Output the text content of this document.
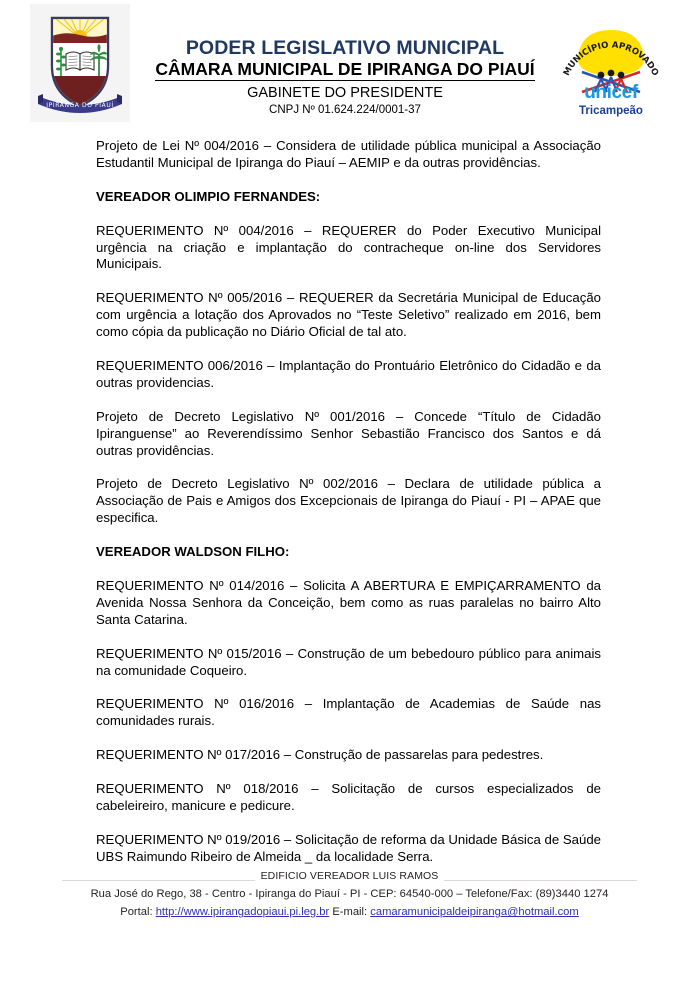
IPIRANGA DO PIAUÍ
PODER LEGISLATIVO MUNICIPAL
CÂMARA MUNICIPAL DE IPIRANGA DO PIAUÍ
GABINETE DO PRESIDENTE
CNPJ Nº 01.624.224/0001-37
MUNICÍPIO APROVADO
unicef
Tricampeão

Projeto de Lei Nº 004/2016 – Considera de utilidade pública municipal a Associação Estudantil Municipal de Ipiranga do Piauí – AEMIP e da outras providências.

VEREADOR OLIMPIO FERNANDES:

REQUERIMENTO Nº 004/2016 – REQUERER do Poder Executivo Municipal urgência na criação e implantação do contracheque on-line dos Servidores Municipais.

REQUERIMENTO Nº 005/2016 – REQUERER da Secretária Municipal de Educação com urgência a lotação dos Aprovados no “Teste Seletivo” realizado em 2016, bem como cópia da publicação no Diário Oficial de tal ato.

REQUERIMENTO 006/2016 – Implantação do Prontuário Eletrônico do Cidadão e da outras providencias.

Projeto de Decreto Legislativo Nº 001/2016 – Concede “Título de Cidadão Ipiranguense” ao Reverendíssimo Senhor Sebastião Francisco dos Santos e dá outras providências.

Projeto de Decreto Legislativo Nº 002/2016 – Declara de utilidade pública a Associação de Pais e Amigos dos Excepcionais de Ipiranga do Piauí - PI – APAE que especifica.

VEREADOR WALDSON FILHO:

REQUERIMENTO Nº 014/2016 – Solicita A ABERTURA E EMPIÇARRAMENTO da Avenida Nossa Senhora da Conceição, bem como as ruas paralelas no bairro Alto Santa Catarina.

REQUERIMENTO Nº 015/2016 – Construção de um bebedouro público para animais na comunidade Coqueiro.

REQUERIMENTO Nº 016/2016 – Implantação de Academias de Saúde nas comunidades rurais.

REQUERIMENTO Nº 017/2016 – Construção de passarelas para pedestres.

REQUERIMENTO Nº 018/2016 – Solicitação de cursos especializados de cabeleireiro, manicure e pedicure.

REQUERIMENTO Nº 019/2016 – Solicitação de reforma da Unidade Básica de Saúde UBS Raimundo Ribeiro de Almeida _ da localidade Serra.

EDIFICIO VEREADOR LUIS RAMOS
Rua José do Rego, 38 - Centro - Ipiranga do Piauí - PI - CEP: 64540-000 – Telefone/Fax: (89)3440 1274
Portal: http://www.ipirangadopiaui.pi.leg.br E-mail: camaramunicipaldeipiranga@hotmail.com
